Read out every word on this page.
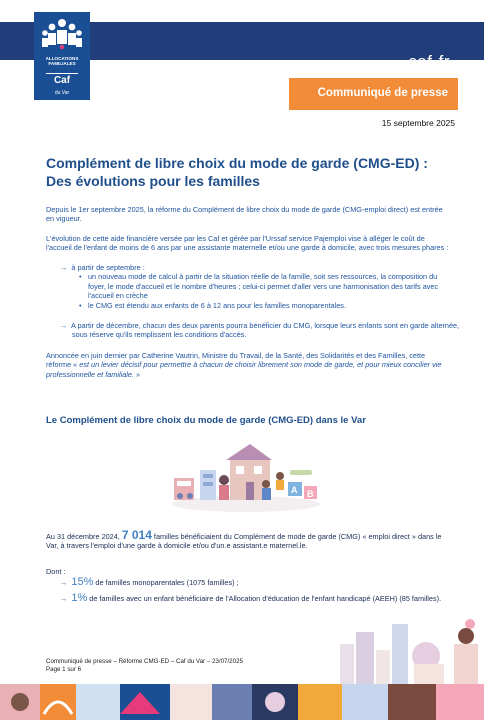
caf·fr
ALLOCATIONS
FAMILIALES
Caf
du Var	Communiqué de presse
15 septembre 2025
Complément de libre choix du mode de garde (CMG-ED) :
Des évolutions pour les familles

Depuis le 1er septembre 2025, la réforme du Complément de libre choix du mode de garde (CMG-emploi direct) est entrée en vigueur.

L'évolution de cette aide financière versée par les Caf et gérée par l'Urssaf service Pajemploi vise à alléger le coût de l'accueil de l'enfant de moins de 6 ans par une assistante maternelle et/ou une garde à domicile, avec trois mesures phares :

→ à partir de septembre :
• un nouveau mode de calcul à partir de la situation réelle de la famille, soit ses ressources, la composition du foyer, le mode d'accueil et le nombre d'heures ; celui-ci permet d'aller vers une harmonisation des tarifs avec l'accueil en crèche
• le CMG est étendu aux enfants de 6 à 12 ans pour les familles monoparentales.
→ A partir de décembre, chacun des deux parents pourra bénéficier du CMG, lorsque leurs enfants sont en garde alternée, sous réserve qu'ils remplissent les conditions d'accès.

Annoncée en juin dernier par Catherine Vautrin, Ministre du Travail, de la Santé, des Solidarités et des Familles, cette réforme « est un levier décisif pour permettre à chacun de choisir librement son mode de garde, et pour mieux concilier vie professionnelle et familiale. »

Le Complément de libre choix du mode de garde (CMG-ED) dans le Var
A B

Au 31 décembre 2024, 7 014 familles bénéficiaient du Complément de mode de garde (CMG) « emploi direct » dans le Var, à travers l'emploi d'une garde à domicile et/ou d'un.e assistant.e maternel.le.

Dont :

→ 15% de familles monoparentales (1075 familles) ;
→ 1% de familles avec un enfant bénéficiaire de l'Allocation d'éducation de l'enfant handicapé (AEEH) (85 familles).
Communiqué de presse – Réforme CMG-ED – Caf du Var – 23/07/2025
Page 1 sur 6
